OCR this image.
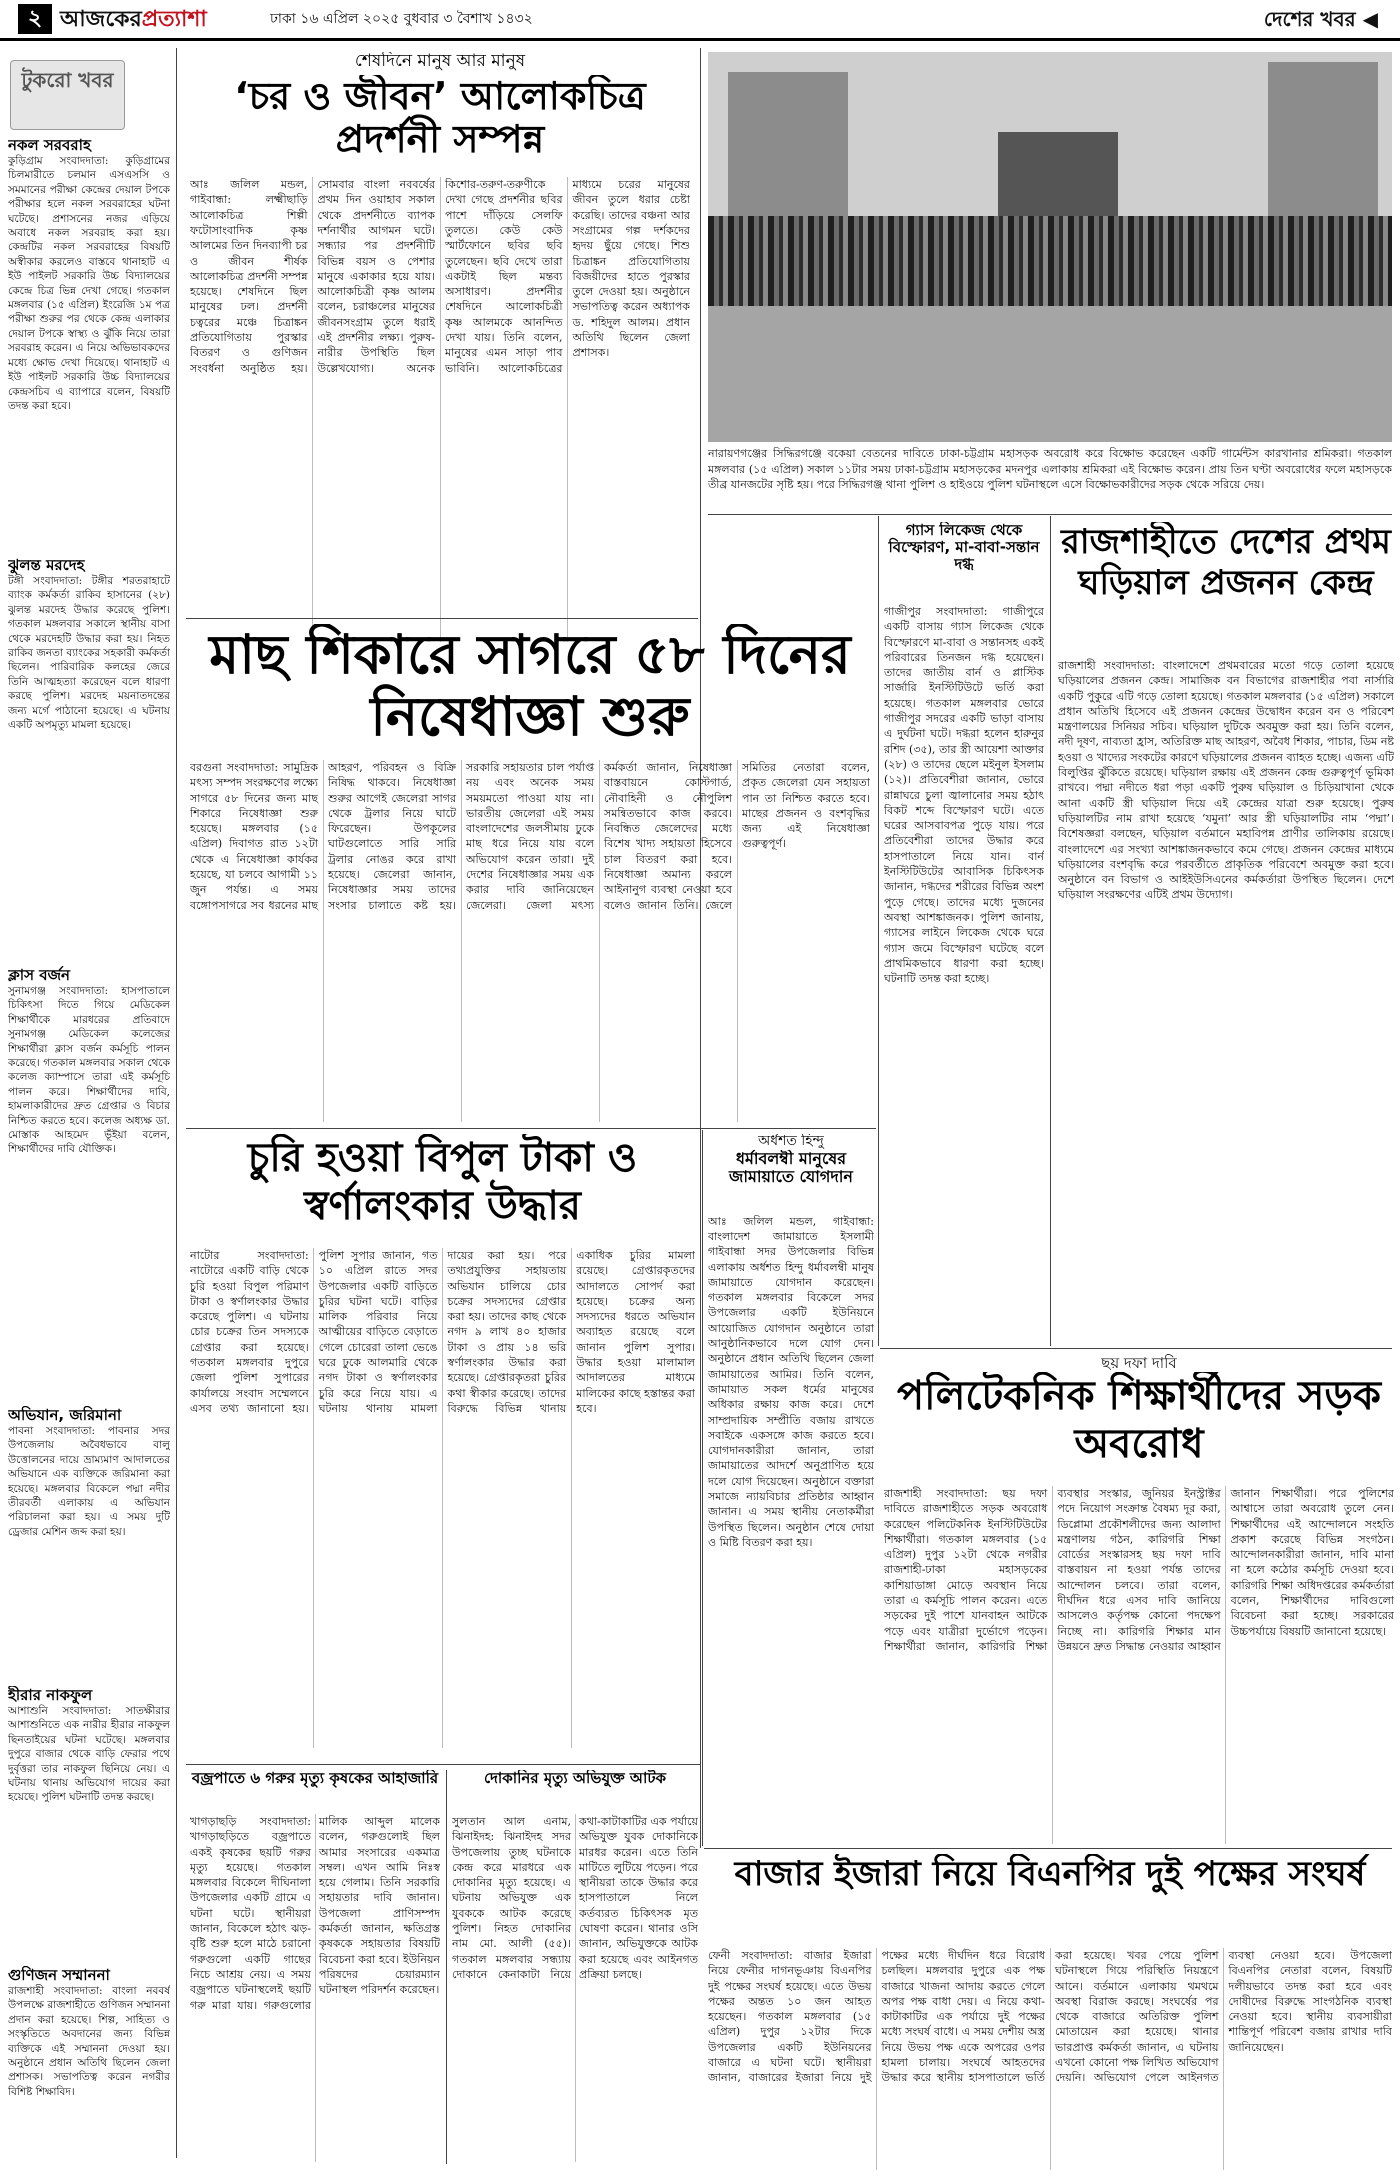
২ আজকেরপ্রত্যাশা	ঢাকা ১৬ এপ্রিল ২০২৫ বুধবার ৩ বৈশাখ ১৪৩২	দেশের খবর ◀
টুকরো খবর
নকল সরবরাহ
কুড়িগ্রাম সংবাদদাতা: কুড়িগ্রামের চিলমারীতে চলমান এসএসসি ও সমমানের পরীক্ষা কেন্দ্রের দেয়াল টপকে পরীক্ষার হলে নকল সরবরাহের ঘটনা ঘটেছে। প্রশাসনের নজর এড়িয়ে অবাধে নকল সরবরাহ করা হয়। কেন্দ্রটির নকল সরবরাহের বিষয়টি অস্বীকার করলেও বাস্তবে থানাহাট এ ইউ পাইলট সরকারি উচ্চ বিদ্যালয়ের কেন্দ্রে চিত্র ভিন্ন দেখা গেছে। গতকাল মঙ্গলবার (১৫ এপ্রিল) ইংরেজি ১ম পত্র পরীক্ষা শুরুর পর থেকে কেন্দ্র এলাকার দেয়াল টপকে স্বাস্থ্য ও ঝুঁকি নিয়ে তারা সরবরাহ করেন। এ নিয়ে অভিভাবকদের মধ্যে ক্ষোভ দেখা দিয়েছে। থানাহাট এ ইউ পাইলট সরকারি উচ্চ বিদ্যালয়ের কেন্দ্রসচিব এ ব্যাপারে বলেন, বিষয়টি তদন্ত করা হবে।
ঝুলন্ত মরদেহ
টঙ্গী সংবাদদাতা: টঙ্গীর শরতরাহাটে ব্যাংক কর্মকর্তা রাকিব হাসানের (২৮) ঝুলন্ত মরদেহ উদ্ধার করেছে পুলিশ। গতকাল মঙ্গলবার সকালে স্থানীয় বাসা থেকে মরদেহটি উদ্ধার করা হয়। নিহত রাকিব জনতা ব্যাংকের সহকারী কর্মকর্তা ছিলেন। পারিবারিক কলহের জেরে তিনি আত্মহত্যা করেছেন বলে ধারণা করছে পুলিশ। মরদেহ ময়নাতদন্তের জন্য মর্গে পাঠানো হয়েছে। এ ঘটনায় একটি অপমৃত্যু মামলা হয়েছে।
ক্লাস বর্জন
সুনামগঞ্জ সংবাদদাতা: হাসপাতালে চিকিৎসা দিতে গিয়ে মেডিকেল শিক্ষার্থীকে মারধরের প্রতিবাদে সুনামগঞ্জ মেডিকেল কলেজের শিক্ষার্থীরা ক্লাস বর্জন কর্মসূচি পালন করেছে। গতকাল মঙ্গলবার সকাল থেকে কলেজ ক্যাম্পাসে তারা এই কর্মসূচি পালন করে। শিক্ষার্থীদের দাবি, হামলাকারীদের দ্রুত গ্রেপ্তার ও বিচার নিশ্চিত করতে হবে। কলেজ অধ্যক্ষ ডা. মোস্তাক আহমেদ ভূঁইয়া বলেন, শিক্ষার্থীদের দাবি যৌক্তিক।
অভিযান, জরিমানা
পাবনা সংবাদদাতা: পাবনার সদর উপজেলায় অবৈধভাবে বালু উত্তোলনের দায়ে ভ্রাম্যমাণ আদালতের অভিযানে এক ব্যক্তিকে জরিমানা করা হয়েছে। মঙ্গলবার বিকেলে পদ্মা নদীর তীরবর্তী এলাকায় এ অভিযান পরিচালনা করা হয়। এ সময় দুটি ড্রেজার মেশিন জব্দ করা হয়।
হীরার নাকফুল
আশাশুনি সংবাদদাতা: সাতক্ষীরার আশাশুনিতে এক নারীর হীরার নাকফুল ছিনতাইয়ের ঘটনা ঘটেছে। মঙ্গলবার দুপুরে বাজার থেকে বাড়ি ফেরার পথে দুর্বৃত্তরা তার নাকফুল ছিনিয়ে নেয়। এ ঘটনায় থানায় অভিযোগ দায়ের করা হয়েছে। পুলিশ ঘটনাটি তদন্ত করছে।
গুণিজন সম্মাননা
রাজশাহী সংবাদদাতা: বাংলা নববর্ষ উপলক্ষে রাজশাহীতে গুণিজন সম্মাননা প্রদান করা হয়েছে। শিল্প, সাহিত্য ও সংস্কৃতিতে অবদানের জন্য বিভিন্ন ব্যক্তিকে এই সম্মাননা দেওয়া হয়। অনুষ্ঠানে প্রধান অতিথি ছিলেন জেলা প্রশাসক। সভাপতিত্ব করেন নগরীর বিশিষ্ট শিক্ষাবিদ।
শেষদিনে মানুষ আর মানুষ
‘চর ও জীবন’ আলোকচিত্র প্রদর্শনী সম্পন্ন
আঃ জলিল মন্ডল, গাইবান্ধা: লক্ষ্মীছাড়ি আলোকচিত্র শিল্পী ফটোসাংবাদিক কৃষ্ণ আলমের তিন দিনব্যাপী চর ও জীবন শীর্ষক আলোকচিত্র প্রদর্শনী সম্পন্ন হয়েছে। শেষদিনে ছিল মানুষের ঢল। প্রদর্শনী চত্বরের মঞ্চে চিত্রাঙ্কন প্রতিযোগিতায় পুরস্কার বিতরণ ও গুণিজন সংবর্ধনা অনুষ্ঠিত হয়। সোমবার বাংলা নববর্ষের প্রথম দিন ওয়াহাব সকাল থেকে প্রদর্শনীতে ব্যাপক দর্শনার্থীর আগমন ঘটে। সন্ধ্যার পর প্রদর্শনীটি বিভিন্ন বয়স ও পেশার মানুষে একাকার হয়ে যায়। আলোকচিত্রী কৃষ্ণ আলম বলেন, চরাঞ্চলের মানুষের জীবনসংগ্রাম তুলে ধরাই এই প্রদর্শনীর লক্ষ্য। পুরুষ-নারীর উপস্থিতি ছিল উল্লেখযোগ্য। অনেক কিশোর-তরুণ-তরুণীকে দেখা গেছে প্রদর্শনীর ছবির পাশে দাঁড়িয়ে সেলফি তুলতে। কেউ কেউ স্মার্টফোনে ছবির ছবি তুলেছেন। ছবি দেখে তারা একটাই ছিল মন্তব্য অসাধারণ। প্রদর্শনীর শেষদিনে আলোকচিত্রী কৃষ্ণ আলমকে আনন্দিত দেখা যায়। তিনি বলেন, মানুষের এমন সাড়া পাব ভাবিনি। আলোকচিত্রের মাধ্যমে চরের মানুষের জীবন তুলে ধরার চেষ্টা করেছি। তাদের বঞ্চনা আর সংগ্রামের গল্প দর্শকদের হৃদয় ছুঁয়ে গেছে। শিশু চিত্রাঙ্কন প্রতিযোগিতায় বিজয়ীদের হাতে পুরস্কার তুলে দেওয়া হয়। অনুষ্ঠানে সভাপতিত্ব করেন অধ্যাপক ড. শহিদুল আলম। প্রধান অতিথি ছিলেন জেলা প্রশাসক।
নারায়ণগঞ্জের সিদ্ধিরগঞ্জে বকেয়া বেতনের দাবিতে ঢাকা-চট্টগ্রাম মহাসড়ক অবরোধ করে বিক্ষোভ করেছেন একটি গার্মেন্টস কারখানার শ্রমিকরা। গতকাল মঙ্গলবার (১৫ এপ্রিল) সকাল ১১টার সময় ঢাকা-চট্টগ্রাম মহাসড়কের মদনপুর এলাকায় শ্রমিকরা এই বিক্ষোভ করেন। প্রায় তিন ঘণ্টা অবরোধের ফলে মহাসড়কে তীব্র যানজটের সৃষ্টি হয়। পরে সিদ্ধিরগঞ্জ থানা পুলিশ ও হাইওয়ে পুলিশ ঘটনাস্থলে এসে বিক্ষোভকারীদের সড়ক থেকে সরিয়ে দেয়।
মাছ শিকারে সাগরে ৫৮ দিনের নিষেধাজ্ঞা শুরু
বরগুনা সংবাদদাতা: সামুদ্রিক মৎস্য সম্পদ সংরক্ষণের লক্ষ্যে সাগরে ৫৮ দিনের জন্য মাছ শিকারে নিষেধাজ্ঞা শুরু হয়েছে। মঙ্গলবার (১৫ এপ্রিল) দিবাগত রাত ১২টা থেকে এ নিষেধাজ্ঞা কার্যকর হয়েছে, যা চলবে আগামী ১১ জুন পর্যন্ত। এ সময় বঙ্গোপসাগরে সব ধরনের মাছ আহরণ, পরিবহন ও বিক্রি নিষিদ্ধ থাকবে। নিষেধাজ্ঞা শুরুর আগেই জেলেরা সাগর থেকে ট্রলার নিয়ে ঘাটে ফিরেছেন। উপকূলের ঘাটগুলোতে সারি সারি ট্রলার নোঙর করে রাখা হয়েছে। জেলেরা জানান, নিষেধাজ্ঞার সময় তাদের সংসার চালাতে কষ্ট হয়। সরকারি সহায়তার চাল পর্যাপ্ত নয় এবং অনেক সময় সময়মতো পাওয়া যায় না। ভারতীয় জেলেরা এই সময় বাংলাদেশের জলসীমায় ঢুকে মাছ ধরে নিয়ে যায় বলে অভিযোগ করেন তারা। দুই দেশের নিষেধাজ্ঞার সময় এক করার দাবি জানিয়েছেন জেলেরা। জেলা মৎস্য কর্মকর্তা জানান, নিষেধাজ্ঞা বাস্তবায়নে কোস্টগার্ড, নৌবাহিনী ও নৌপুলিশ সমন্বিতভাবে কাজ করবে। নিবন্ধিত জেলেদের মধ্যে বিশেষ খাদ্য সহায়তা হিসেবে চাল বিতরণ করা হবে। নিষেধাজ্ঞা অমান্য করলে আইনানুগ ব্যবস্থা নেওয়া হবে বলেও জানান তিনি। জেলে সমিতির নেতারা বলেন, প্রকৃত জেলেরা যেন সহায়তা পান তা নিশ্চিত করতে হবে। মাছের প্রজনন ও বংশবৃদ্ধির জন্য এই নিষেধাজ্ঞা গুরুত্বপূর্ণ।
গ্যাস লিকেজ থেকে বিস্ফোরণ, মা-বাবা-সন্তান দগ্ধ
গাজীপুর সংবাদদাতা: গাজীপুরে একটি বাসায় গ্যাস লিকেজ থেকে বিস্ফোরণে মা-বাবা ও সন্তানসহ একই পরিবারের তিনজন দগ্ধ হয়েছেন। তাদের জাতীয় বার্ন ও প্লাস্টিক সার্জারি ইনস্টিটিউটে ভর্তি করা হয়েছে। গতকাল মঙ্গলবার ভোরে গাজীপুর সদরের একটি ভাড়া বাসায় এ দুর্ঘটনা ঘটে। দগ্ধরা হলেন হারুনুর রশিদ (৩৫), তার স্ত্রী আয়েশা আক্তার (২৮) ও তাদের ছেলে মইনুল ইসলাম (১২)। প্রতিবেশীরা জানান, ভোরে রান্নাঘরে চুলা জ্বালানোর সময় হঠাৎ বিকট শব্দে বিস্ফোরণ ঘটে। এতে ঘরের আসবাবপত্র পুড়ে যায়। পরে প্রতিবেশীরা তাদের উদ্ধার করে হাসপাতালে নিয়ে যান। বার্ন ইনস্টিটিউটের আবাসিক চিকিৎসক জানান, দগ্ধদের শরীরের বিভিন্ন অংশ পুড়ে গেছে। তাদের মধ্যে দুজনের অবস্থা আশঙ্কাজনক। পুলিশ জানায়, গ্যাসের লাইনে লিকেজ থেকে ঘরে গ্যাস জমে বিস্ফোরণ ঘটেছে বলে প্রাথমিকভাবে ধারণা করা হচ্ছে। ঘটনাটি তদন্ত করা হচ্ছে।
রাজশাহীতে দেশের প্রথম ঘড়িয়াল প্রজনন কেন্দ্র
রাজশাহী সংবাদদাতা: বাংলাদেশে প্রথমবারের মতো গড়ে তোলা হয়েছে ঘড়িয়ালের প্রজনন কেন্দ্র। সামাজিক বন বিভাগের রাজশাহীর পবা নার্সারি একটি পুকুরে এটি গড়ে তোলা হয়েছে। গতকাল মঙ্গলবার (১৫ এপ্রিল) সকালে প্রধান অতিথি হিসেবে এই প্রজনন কেন্দ্রের উদ্বোধন করেন বন ও পরিবেশ মন্ত্রণালয়ের সিনিয়র সচিব। ঘড়িয়াল দুটিকে অবমুক্ত করা হয়। তিনি বলেন, নদী দূষণ, নাব্যতা হ্রাস, অতিরিক্ত মাছ আহরণ, অবৈধ শিকার, পাচার, ডিম নষ্ট হওয়া ও খাদ্যের সংকটের কারণে ঘড়িয়ালের প্রজনন ব্যাহত হচ্ছে। এজন্য এটি বিলুপ্তির ঝুঁকিতে রয়েছে। ঘড়িয়াল রক্ষায় এই প্রজনন কেন্দ্র গুরুত্বপূর্ণ ভূমিকা রাখবে। পদ্মা নদীতে ধরা পড়া একটি পুরুষ ঘড়িয়াল ও চিড়িয়াখানা থেকে আনা একটি স্ত্রী ঘড়িয়াল দিয়ে এই কেন্দ্রের যাত্রা শুরু হয়েছে। পুরুষ ঘড়িয়ালটির নাম রাখা হয়েছে ‘যমুনা’ আর স্ত্রী ঘড়িয়ালটির নাম ‘পদ্মা’। বিশেষজ্ঞরা বলছেন, ঘড়িয়াল বর্তমানে মহাবিপন্ন প্রাণীর তালিকায় রয়েছে। বাংলাদেশে এর সংখ্যা আশঙ্কাজনকভাবে কমে গেছে। প্রজনন কেন্দ্রের মাধ্যমে ঘড়িয়ালের বংশবৃদ্ধি করে পরবর্তীতে প্রাকৃতিক পরিবেশে অবমুক্ত করা হবে। অনুষ্ঠানে বন বিভাগ ও আইইউসিএনের কর্মকর্তারা উপস্থিত ছিলেন। দেশে ঘড়িয়াল সংরক্ষণের এটিই প্রথম উদ্যোগ।
চুরি হওয়া বিপুল টাকা ও স্বর্ণালংকার উদ্ধার
নাটোর সংবাদদাতা: নাটোরে একটি বাড়ি থেকে চুরি হওয়া বিপুল পরিমাণ টাকা ও স্বর্ণালংকার উদ্ধার করেছে পুলিশ। এ ঘটনায় চোর চক্রের তিন সদস্যকে গ্রেপ্তার করা হয়েছে। গতকাল মঙ্গলবার দুপুরে জেলা পুলিশ সুপারের কার্যালয়ে সংবাদ সম্মেলনে এসব তথ্য জানানো হয়। পুলিশ সুপার জানান, গত ১০ এপ্রিল রাতে সদর উপজেলার একটি বাড়িতে চুরির ঘটনা ঘটে। বাড়ির মালিক পরিবার নিয়ে আত্মীয়ের বাড়িতে বেড়াতে গেলে চোরেরা তালা ভেঙে ঘরে ঢুকে আলমারি থেকে নগদ টাকা ও স্বর্ণালংকার চুরি করে নিয়ে যায়। এ ঘটনায় থানায় মামলা দায়ের করা হয়। পরে তথ্যপ্রযুক্তির সহায়তায় অভিযান চালিয়ে চোর চক্রের সদস্যদের গ্রেপ্তার করা হয়। তাদের কাছ থেকে নগদ ৯ লাখ ৪০ হাজার টাকা ও প্রায় ১৪ ভরি স্বর্ণালংকার উদ্ধার করা হয়েছে। গ্রেপ্তারকৃতরা চুরির কথা স্বীকার করেছে। তাদের বিরুদ্ধে বিভিন্ন থানায় একাধিক চুরির মামলা রয়েছে। গ্রেপ্তারকৃতদের আদালতে সোপর্দ করা হয়েছে। চক্রের অন্য সদস্যদের ধরতে অভিযান অব্যাহত রয়েছে বলে জানান পুলিশ সুপার। উদ্ধার হওয়া মালামাল আদালতের মাধ্যমে মালিকের কাছে হস্তান্তর করা হবে।
অর্ধশত হিন্দু
ধর্মাবলম্বী মানুষের জামায়াতে যোগদান
আঃ জলিল মন্ডল, গাইবান্ধা: বাংলাদেশ জামায়াতে ইসলামী গাইবান্ধা সদর উপজেলার বিভিন্ন এলাকায় অর্ধশত হিন্দু ধর্মাবলম্বী মানুষ জামায়াতে যোগদান করেছেন। গতকাল মঙ্গলবার বিকেলে সদর উপজেলার একটি ইউনিয়নে আয়োজিত যোগদান অনুষ্ঠানে তারা আনুষ্ঠানিকভাবে দলে যোগ দেন। অনুষ্ঠানে প্রধান অতিথি ছিলেন জেলা জামায়াতের আমির। তিনি বলেন, জামায়াত সকল ধর্মের মানুষের অধিকার রক্ষায় কাজ করে। দেশে সাম্প্রদায়িক সম্প্রীতি বজায় রাখতে সবাইকে একসঙ্গে কাজ করতে হবে। যোগদানকারীরা জানান, তারা জামায়াতের আদর্শে অনুপ্রাণিত হয়ে দলে যোগ দিয়েছেন। অনুষ্ঠানে বক্তারা সমাজে ন্যায়বিচার প্রতিষ্ঠার আহ্বান জানান। এ সময় স্থানীয় নেতাকর্মীরা উপস্থিত ছিলেন। অনুষ্ঠান শেষে দোয়া ও মিষ্টি বিতরণ করা হয়।
ছয় দফা দাবি
পলিটেকনিক শিক্ষার্থীদের সড়ক অবরোধ
রাজশাহী সংবাদদাতা: ছয় দফা দাবিতে রাজশাহীতে সড়ক অবরোধ করেছেন পলিটেকনিক ইনস্টিটিউটের শিক্ষার্থীরা। গতকাল মঙ্গলবার (১৫ এপ্রিল) দুপুর ১২টা থেকে নগরীর রাজশাহী-ঢাকা মহাসড়কের কাশিয়াডাঙ্গা মোড়ে অবস্থান নিয়ে তারা এ কর্মসূচি পালন করেন। এতে সড়কের দুই পাশে যানবাহন আটকে পড়ে এবং যাত্রীরা দুর্ভোগে পড়েন। শিক্ষার্থীরা জানান, কারিগরি শিক্ষা ব্যবস্থার সংস্কার, জুনিয়র ইনস্ট্রাক্টর পদে নিয়োগ সংক্রান্ত বৈষম্য দূর করা, ডিপ্লোমা প্রকৌশলীদের জন্য আলাদা মন্ত্রণালয় গঠন, কারিগরি শিক্ষা বোর্ডের সংস্কারসহ ছয় দফা দাবি বাস্তবায়ন না হওয়া পর্যন্ত তাদের আন্দোলন চলবে। তারা বলেন, দীর্ঘদিন ধরে এসব দাবি জানিয়ে আসলেও কর্তৃপক্ষ কোনো পদক্ষেপ নিচ্ছে না। কারিগরি শিক্ষার মান উন্নয়নে দ্রুত সিদ্ধান্ত নেওয়ার আহ্বান জানান শিক্ষার্থীরা। পরে পুলিশের আশ্বাসে তারা অবরোধ তুলে নেন। শিক্ষার্থীদের এই আন্দোলনে সংহতি প্রকাশ করেছে বিভিন্ন সংগঠন। আন্দোলনকারীরা জানান, দাবি মানা না হলে কঠোর কর্মসূচি দেওয়া হবে। কারিগরি শিক্ষা অধিদপ্তরের কর্মকর্তারা বলেন, শিক্ষার্থীদের দাবিগুলো বিবেচনা করা হচ্ছে। সরকারের উচ্চপর্যায়ে বিষয়টি জানানো হয়েছে।
বজ্রপাতে ৬ গরুর মৃত্যু কৃষকের আহাজারি
খাগড়াছড়ি সংবাদদাতা: খাগড়াছড়িতে বজ্রপাতে একই কৃষকের ছয়টি গরুর মৃত্যু হয়েছে। গতকাল মঙ্গলবার বিকেলে দীঘিনালা উপজেলার একটি গ্রামে এ ঘটনা ঘটে। স্থানীয়রা জানান, বিকেলে হঠাৎ ঝড়-বৃষ্টি শুরু হলে মাঠে চরানো গরুগুলো একটি গাছের নিচে আশ্রয় নেয়। এ সময় বজ্রপাতে ঘটনাস্থলেই ছয়টি গরু মারা যায়। গরুগুলোর মালিক আব্দুল মালেক বলেন, গরুগুলোই ছিল আমার সংসারের একমাত্র সম্বল। এখন আমি নিঃস্ব হয়ে গেলাম। তিনি সরকারি সহায়তার দাবি জানান। উপজেলা প্রাণিসম্পদ কর্মকর্তা জানান, ক্ষতিগ্রস্ত কৃষককে সহায়তার বিষয়টি বিবেচনা করা হবে। ইউনিয়ন পরিষদের চেয়ারম্যান ঘটনাস্থল পরিদর্শন করেছেন।
দোকানির মৃত্যু অভিযুক্ত আটক
সুলতান আল এনাম, ঝিনাইদহ: ঝিনাইদহ সদর উপজেলায় তুচ্ছ ঘটনাকে কেন্দ্র করে মারধরে এক দোকানির মৃত্যু হয়েছে। এ ঘটনায় অভিযুক্ত এক যুবককে আটক করেছে পুলিশ। নিহত দোকানির নাম মো. আলী (৫৫)। গতকাল মঙ্গলবার সন্ধ্যায় দোকানে কেনাকাটা নিয়ে কথা-কাটাকাটির এক পর্যায়ে অভিযুক্ত যুবক দোকানিকে মারধর করেন। এতে তিনি মাটিতে লুটিয়ে পড়েন। পরে স্থানীয়রা তাকে উদ্ধার করে হাসপাতালে নিলে কর্তব্যরত চিকিৎসক মৃত ঘোষণা করেন। থানার ওসি জানান, অভিযুক্তকে আটক করা হয়েছে এবং আইনগত প্রক্রিয়া চলছে।
বাজার ইজারা নিয়ে বিএনপির দুই পক্ষের সংঘর্ষ
ফেনী সংবাদদাতা: বাজার ইজারা নিয়ে ফেনীর দাগনভূঞায় বিএনপির দুই পক্ষের সংঘর্ষ হয়েছে। এতে উভয় পক্ষের অন্তত ১০ জন আহত হয়েছেন। গতকাল মঙ্গলবার (১৫ এপ্রিল) দুপুর ১২টার দিকে উপজেলার একটি ইউনিয়নের বাজারে এ ঘটনা ঘটে। স্থানীয়রা জানান, বাজারের ইজারা নিয়ে দুই পক্ষের মধ্যে দীর্ঘদিন ধরে বিরোধ চলছিল। মঙ্গলবার দুপুরে এক পক্ষ বাজারে খাজনা আদায় করতে গেলে অপর পক্ষ বাধা দেয়। এ নিয়ে কথা-কাটাকাটির এক পর্যায়ে দুই পক্ষের মধ্যে সংঘর্ষ বাধে। এ সময় দেশীয় অস্ত্র নিয়ে উভয় পক্ষ একে অপরের ওপর হামলা চালায়। সংঘর্ষে আহতদের উদ্ধার করে স্থানীয় হাসপাতালে ভর্তি করা হয়েছে। খবর পেয়ে পুলিশ ঘটনাস্থলে গিয়ে পরিস্থিতি নিয়ন্ত্রণে আনে। বর্তমানে এলাকায় থমথমে অবস্থা বিরাজ করছে। সংঘর্ষের পর থেকে বাজারে অতিরিক্ত পুলিশ মোতায়েন করা হয়েছে। থানার ভারপ্রাপ্ত কর্মকর্তা জানান, এ ঘটনায় এখনো কোনো পক্ষ লিখিত অভিযোগ দেয়নি। অভিযোগ পেলে আইনগত ব্যবস্থা নেওয়া হবে। উপজেলা বিএনপির নেতারা বলেন, বিষয়টি দলীয়ভাবে তদন্ত করা হবে এবং দোষীদের বিরুদ্ধে সাংগঠনিক ব্যবস্থা নেওয়া হবে। স্থানীয় ব্যবসায়ীরা শান্তিপূর্ণ পরিবেশ বজায় রাখার দাবি জানিয়েছেন।
